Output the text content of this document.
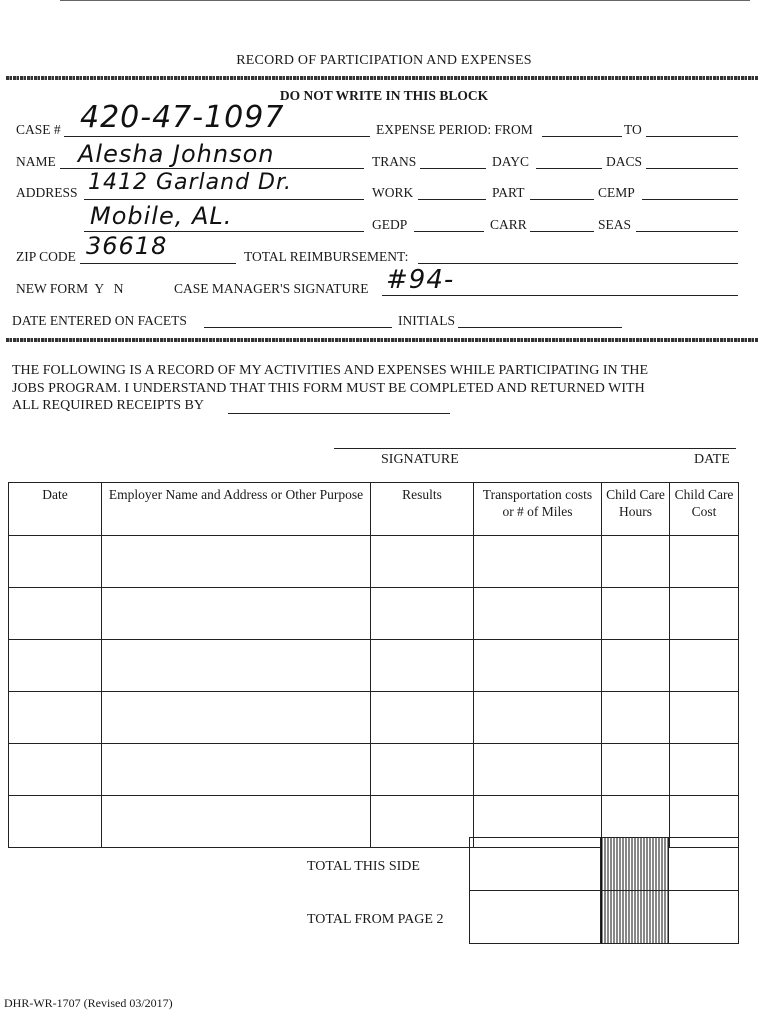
RECORD OF PARTICIPATION AND EXPENSES
DO NOT WRITE IN THIS BLOCK
CASE # 420-47-1097	EXPENSE PERIOD: FROM	TO
NAME Alesha Johnson	TRANS	DAYC	DACS
ADDRESS 1412 Garland Dr.	WORK	PART	CEMP
Mobile, AL.	GEDP	CARR	SEAS
ZIP CODE 36618	TOTAL REIMBURSEMENT:
NEW FORM  Y   N	CASE MANAGER'S SIGNATURE #94-
DATE ENTERED ON FACETS	INITIALS
THE FOLLOWING IS A RECORD OF MY ACTIVITIES AND EXPENSES WHILE PARTICIPATING IN THE
JOBS PROGRAM. I UNDERSTAND THAT THIS FORM MUST BE COMPLETED AND RETURNED WITH
ALL REQUIRED RECEIPTS BY
SIGNATURE	DATE
Date	Employer Name and Address or Other Purpose	Results	Transportation costs or # of Miles	Child Care Hours	Child Care Cost

TOTAL THIS SIDE
TOTAL FROM PAGE 2

DHR-WR-1707 (Revised 03/2017)
